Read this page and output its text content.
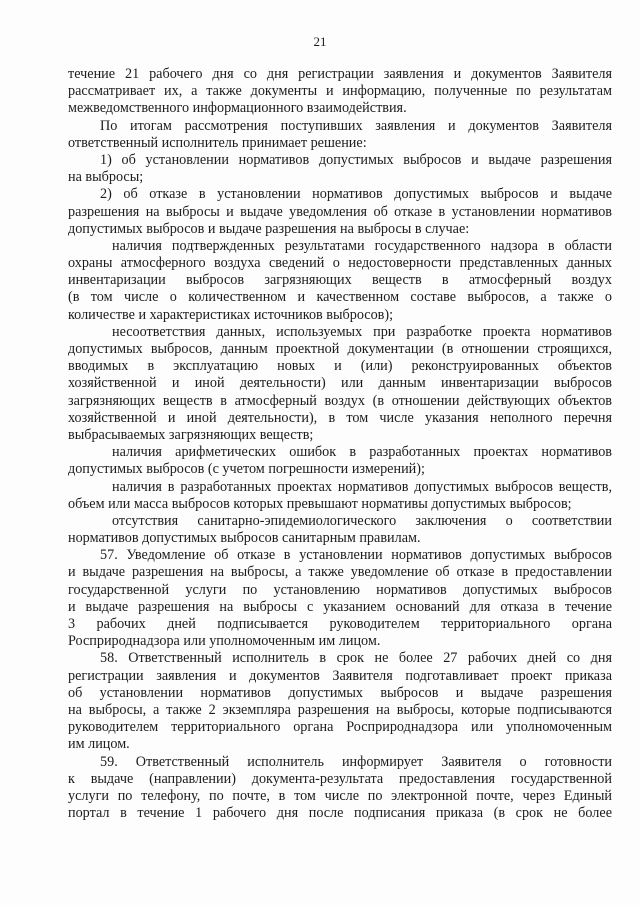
21
течение 21 рабочего дня со дня регистрации заявления и документов Заявителя
рассматривает их, а также документы и информацию, полученные по результатам
межведомственного информационного взаимодействия.
По итогам рассмотрения поступивших заявления и документов Заявителя
ответственный исполнитель принимает решение:
1) об установлении нормативов допустимых выбросов и выдаче разрешения
на выбросы;
2) об отказе в установлении нормативов допустимых выбросов и выдаче
разрешения на выбросы и выдаче уведомления об отказе в установлении нормативов
допустимых выбросов и выдаче разрешения на выбросы в случае:
наличия подтвержденных результатами государственного надзора в области
охраны атмосферного воздуха сведений о недостоверности представленных данных
инвентаризации выбросов загрязняющих веществ в атмосферный воздух
(в том числе о количественном и качественном составе выбросов, а также о
количестве и характеристиках источников выбросов);
несоответствия данных, используемых при разработке проекта нормативов
допустимых выбросов, данным проектной документации (в отношении строящихся,
вводимых в эксплуатацию новых и (или) реконструированных объектов
хозяйственной и иной деятельности) или данным инвентаризации выбросов
загрязняющих веществ в атмосферный воздух (в отношении действующих объектов
хозяйственной и иной деятельности), в том числе указания неполного перечня
выбрасываемых загрязняющих веществ;
наличия арифметических ошибок в разработанных проектах нормативов
допустимых выбросов (с учетом погрешности измерений);
наличия в разработанных проектах нормативов допустимых выбросов веществ,
объем или масса выбросов которых превышают нормативы допустимых выбросов;
отсутствия санитарно-эпидемиологического заключения о соответствии
нормативов допустимых выбросов санитарным правилам.
57. Уведомление об отказе в установлении нормативов допустимых выбросов
и выдаче разрешения на выбросы, а также уведомление об отказе в предоставлении
государственной услуги по установлению нормативов допустимых выбросов
и выдаче разрешения на выбросы с указанием оснований для отказа в течение
3 рабочих дней подписывается руководителем территориального органа
Росприроднадзора или уполномоченным им лицом.
58. Ответственный исполнитель в срок не более 27 рабочих дней со дня
регистрации заявления и документов Заявителя подготавливает проект приказа
об установлении нормативов допустимых выбросов и выдаче разрешения
на выбросы, а также 2 экземпляра разрешения на выбросы, которые подписываются
руководителем территориального органа Росприроднадзора или уполномоченным
им лицом.
59. Ответственный исполнитель информирует Заявителя о готовности
к выдаче (направлении) документа-результата предоставления государственной
услуги по телефону, по почте, в том числе по электронной почте, через Единый
портал в течение 1 рабочего дня после подписания приказа (в срок не более
